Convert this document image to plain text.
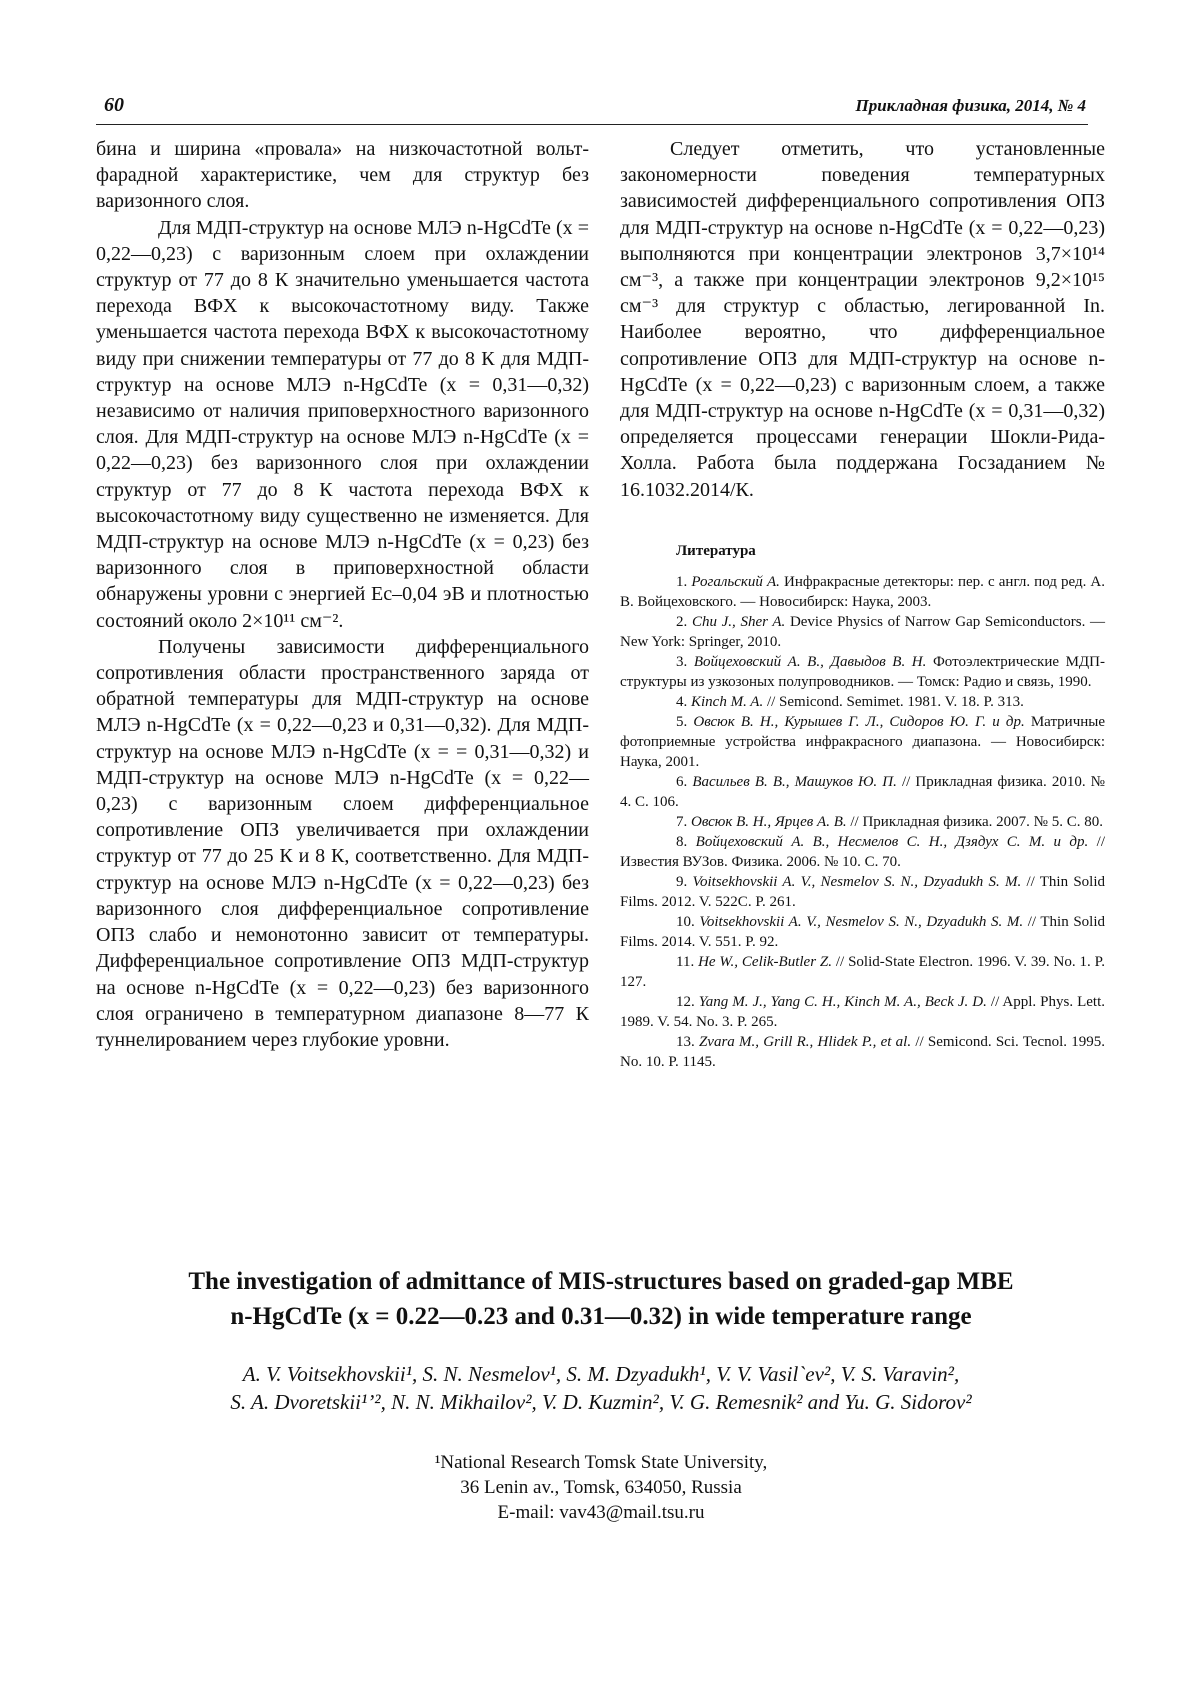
60	Прикладная физика, 2014, № 4

бина и ширина «провала» на низкочастотной вольт-фарадной характеристике, чем для структур без варизонного слоя.

Для МДП-структур на основе МЛЭ n-HgCdTe (x = 0,22—0,23) с варизонным слоем при охлаждении структур от 77 до 8 К значительно уменьшается частота перехода ВФХ к высокочастотному виду. Также уменьшается частота перехода ВФХ к высокочастотному виду при снижении температуры от 77 до 8 К для МДП-структур на основе МЛЭ n-HgCdTe (x = 0,31—0,32) независимо от наличия приповерхностного варизонного слоя. Для МДП-структур на основе МЛЭ n-HgCdTe (x = 0,22—0,23) без варизонного слоя при охлаждении структур от 77 до 8 К частота перехода ВФХ к высокочастотному виду существенно не изменяется. Для МДП-структур на основе МЛЭ n-HgCdTe (x = 0,23) без варизонного слоя в приповерхностной области обнаружены уровни с энергией Ec–0,04 эВ и плотностью состояний около 2×10¹¹ см⁻².

Получены зависимости дифференциального сопротивления области пространственного заряда от обратной температуры для МДП-структур на основе МЛЭ n-HgCdTe (x = 0,22—0,23 и 0,31—0,32). Для МДП-структур на основе МЛЭ n-HgCdTe (x = = 0,31—0,32) и МДП-структур на основе МЛЭ n-HgCdTe (x = 0,22—0,23) с варизонным слоем дифференциальное сопротивление ОПЗ увеличивается при охлаждении структур от 77 до 25 К и 8 К, соответственно. Для МДП-структур на основе МЛЭ n-HgCdTe (x = 0,22—0,23) без варизонного слоя дифференциальное сопротивление ОПЗ слабо и немонотонно зависит от температуры. Дифференциальное сопротивление ОПЗ МДП-структур на основе n-HgCdTe (x = 0,22—0,23) без варизонного слоя ограничено в температурном диапазоне 8—77 К туннелированием через глубокие уровни.

Следует отметить, что установленные закономерности поведения температурных зависимостей дифференциального сопротивления ОПЗ для МДП-структур на основе n-HgCdTe (x = 0,22—0,23) выполняются при концентрации электронов 3,7×10¹⁴ см⁻³, а также при концентрации электронов 9,2×10¹⁵ см⁻³ для структур с областью, легированной In. Наиболее вероятно, что дифференциальное сопротивление ОПЗ для МДП-структур на основе n-HgCdTe (x = 0,22—0,23) с варизонным слоем, а также для МДП-структур на основе n-HgCdTe (x = 0,31—0,32) определяется процессами генерации Шокли-Рида-Холла. Работа была поддержана Госзаданием № 16.1032.2014/К.

Литература

1. Рогальский А. Инфракрасные детекторы: пер. с англ. под ред. А. В. Войцеховского. — Новосибирск: Наука, 2003.

2. Chu J., Sher A. Device Physics of Narrow Gap Semiconductors. — New York: Springer, 2010.

3. Войцеховский А. В., Давыдов В. Н. Фотоэлектрические МДП-структуры из узкозоных полупроводников. — Томск: Радио и связь, 1990.

4. Kinch M. A. // Semicond. Semimet. 1981. V. 18. P. 313.

5. Овсюк В. Н., Курышев Г. Л., Сидоров Ю. Г. и др. Матричные фотоприемные устройства инфракрасного диапазона. — Новосибирск: Наука, 2001.

6. Васильев В. В., Машуков Ю. П. // Прикладная физика. 2010. № 4. С. 106.

7. Овсюк В. Н., Ярцев А. В. // Прикладная физика. 2007. № 5. С. 80.

8. Войцеховский А. В., Несмелов С. Н., Дзядух С. М. и др. // Известия ВУЗов. Физика. 2006. № 10. С. 70.

9. Voitsekhovskii A. V., Nesmelov S. N., Dzyadukh S. M. // Thin Solid Films. 2012. V. 522C. P. 261.

10. Voitsekhovskii A. V., Nesmelov S. N., Dzyadukh S. M. // Thin Solid Films. 2014. V. 551. P. 92.

11. He W., Celik-Butler Z. // Solid-State Electron. 1996. V. 39. No. 1. P. 127.

12. Yang M. J., Yang C. H., Kinch M. A., Beck J. D. // Appl. Phys. Lett. 1989. V. 54. No. 3. P. 265.

13. Zvara M., Grill R., Hlidek P., et al. // Semicond. Sci. Tecnol. 1995. No. 10. P. 1145.

The investigation of admittance of MIS-structures based on graded-gap MBE
n-HgCdTe (x = 0.22—0.23 and 0.31—0.32) in wide temperature range
A. V. Voitsekhovskii¹, S. N. Nesmelov¹, S. M. Dzyadukh¹, V. V. Vasil`ev², V. S. Varavin²,
S. A. Dvoretskii¹ʼ², N. N. Mikhailov², V. D. Kuzmin², V. G. Remesnik² and Yu. G. Sidorov²
¹National Research Tomsk State University,
36 Lenin av., Tomsk, 634050, Russia
E-mail: vav43@mail.tsu.ru
